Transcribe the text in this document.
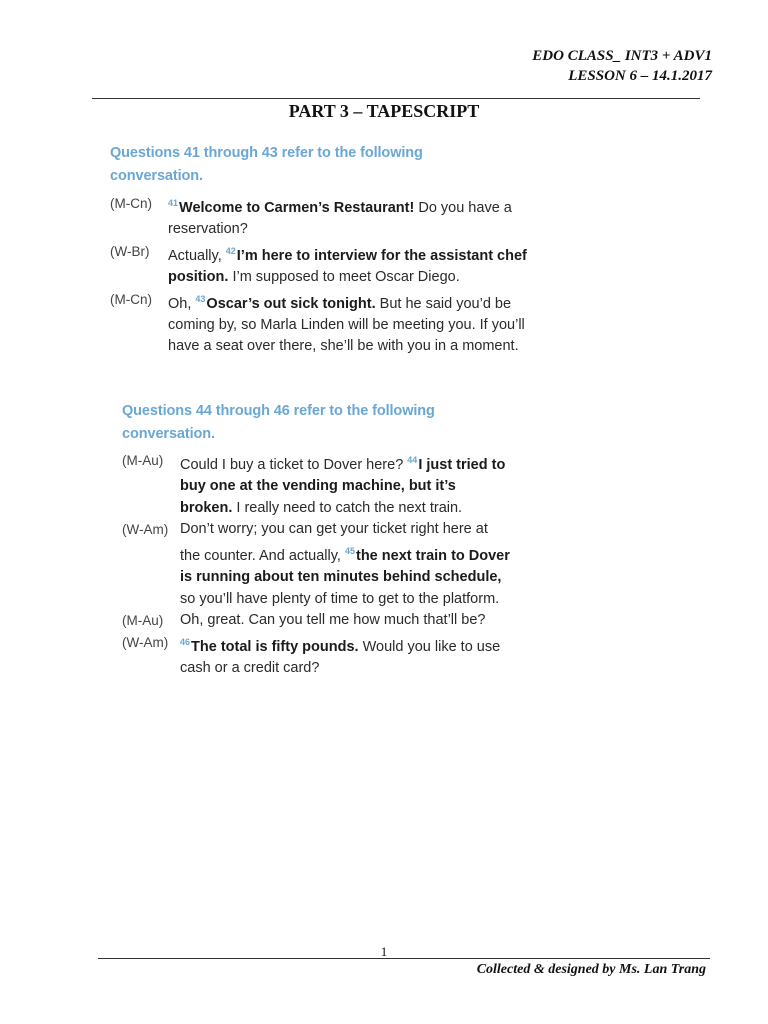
EDO CLASS_ INT3 + ADV1
LESSON 6 – 14.1.2017
PART 3 – TAPESCRIPT
Questions 41 through 43 refer to the following
conversation.
(M-Cn)	$^{41}$Welcome to Carmen’s Restaurant! Do you have a reservation?
(W-Br)	Actually, $^{42}$I’m here to interview for the assistant chef position. I’m supposed to meet Oscar Diego.
(M-Cn)	Oh, $^{43}$Oscar’s out sick tonight. But he said you’d be coming by, so Marla Linden will be meeting you. If you’ll have a seat over there, she’ll be with you in a moment.
Questions 44 through 46 refer to the following
conversation.
(M-Au)	Could I buy a ticket to Dover here? $^{44}$I just tried to buy one at the vending machine, but it’s broken. I really need to catch the next train.
(W-Am) Don’t worry; you can get your ticket right here at the counter. And actually, $^{45}$the next train to Dover is running about ten minutes behind schedule, so you’ll have plenty of time to get to the platform.
(M-Au)	Oh, great. Can you tell me how much that’ll be?
(W-Am)	$^{46}$The total is fifty pounds. Would you like to use cash or a credit card?
1
Collected & designed by Ms. Lan Trang
